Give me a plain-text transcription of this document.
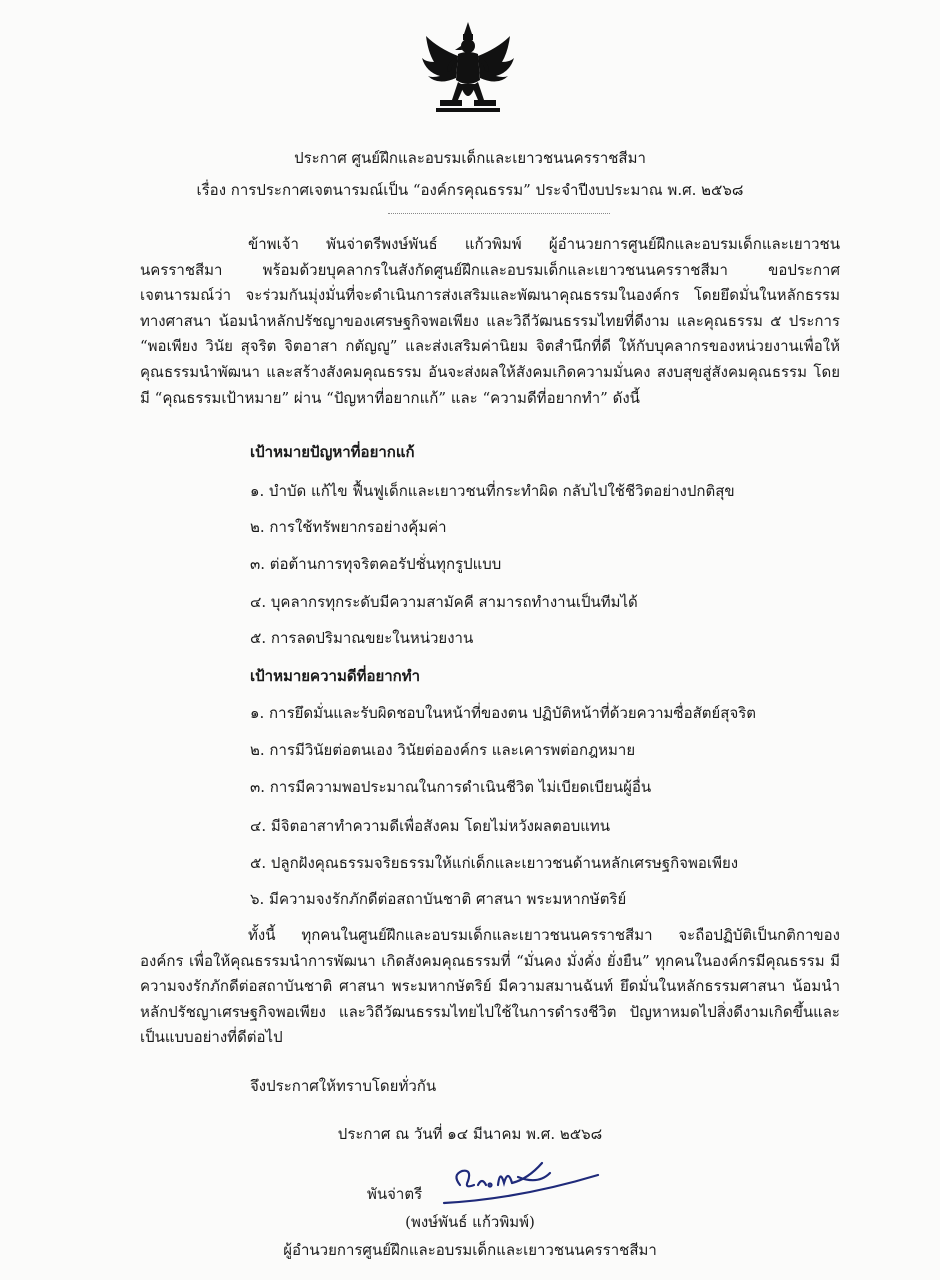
ประกาศ ศูนย์ฝึกและอบรมเด็กและเยาวชนนครราชสีมา
เรื่อง การประกาศเจตนารมณ์เป็น “องค์กรคุณธรรม” ประจำปีงบประมาณ พ.ศ. ๒๕๖๘
ข้าพเจ้า พันจ่าตรีพงษ์พันธ์ แก้วพิมพ์ ผู้อำนวยการศูนย์ฝึกและอบรมเด็กและเยาวชนนครราชสีมา พร้อมด้วยบุคลากรในสังกัดศูนย์ฝึกและอบรมเด็กและเยาวชนนครราชสีมา ขอประกาศเจตนารมณ์ว่า จะร่วมกันมุ่งมั่นที่จะดำเนินการส่งเสริมและพัฒนาคุณธรรมในองค์กร โดยยึดมั่นในหลักธรรมทางศาสนา น้อมนำหลักปรัชญาของเศรษฐกิจพอเพียง และวิถีวัฒนธรรมไทยที่ดีงาม และคุณธรรม ๕ ประการ “พอเพียง วินัย สุจริต จิตอาสา กตัญญู” และส่งเสริมค่านิยม จิตสำนึกที่ดี ให้กับบุคลากรของหน่วยงานเพื่อให้คุณธรรมนำพัฒนา และสร้างสังคมคุณธรรม อันจะส่งผลให้สังคมเกิดความมั่นคง สงบสุขสู่สังคมคุณธรรม โดยมี “คุณธรรมเป้าหมาย” ผ่าน “ปัญหาที่อยากแก้” และ “ความดีที่อยากทำ” ดังนี้
เป้าหมายปัญหาที่อยากแก้
๑. บำบัด แก้ไข ฟื้นฟูเด็กและเยาวชนที่กระทำผิด กลับไปใช้ชีวิตอย่างปกติสุข
๒. การใช้ทรัพยากรอย่างคุ้มค่า
๓. ต่อต้านการทุจริตคอรัปชั่นทุกรูปแบบ
๔. บุคลากรทุกระดับมีความสามัคคี สามารถทำงานเป็นทีมได้
๕. การลดปริมาณขยะในหน่วยงาน
เป้าหมายความดีที่อยากทำ
๑. การยึดมั่นและรับผิดชอบในหน้าที่ของตน ปฏิบัติหน้าที่ด้วยความซื่อสัตย์สุจริต
๒. การมีวินัยต่อตนเอง วินัยต่อองค์กร และเคารพต่อกฎหมาย
๓. การมีความพอประมาณในการดำเนินชีวิต ไม่เบียดเบียนผู้อื่น
๔. มีจิตอาสาทำความดีเพื่อสังคม โดยไม่หวังผลตอบแทน
๕. ปลูกฝังคุณธรรมจริยธรรมให้แก่เด็กและเยาวชนด้านหลักเศรษฐกิจพอเพียง
๖. มีความจงรักภักดีต่อสถาบันชาติ ศาสนา พระมหากษัตริย์
ทั้งนี้ ทุกคนในศูนย์ฝึกและอบรมเด็กและเยาวชนนครราชสีมา จะถือปฏิบัติเป็นกติกาขององค์กร เพื่อให้คุณธรรมนำการพัฒนา เกิดสังคมคุณธรรมที่ “มั่นคง มั่งคั่ง ยั่งยืน” ทุกคนในองค์กรมีคุณธรรม มีความจงรักภักดีต่อสถาบันชาติ ศาสนา พระมหากษัตริย์ มีความสมานฉันท์ ยึดมั่นในหลักธรรมศาสนา น้อมนำหลักปรัชญาเศรษฐกิจพอเพียง และวิถีวัฒนธรรมไทยไปใช้ในการดำรงชีวิต ปัญหาหมดไปสิ่งดีงามเกิดขึ้นและเป็นแบบอย่างที่ดีต่อไป
จึงประกาศให้ทราบโดยทั่วกัน
ประกาศ ณ วันที่ ๑๔ มีนาคม พ.ศ. ๒๕๖๘
พันจ่าตรี
(พงษ์พันธ์ แก้วพิมพ์)
ผู้อำนวยการศูนย์ฝึกและอบรมเด็กและเยาวชนนครราชสีมา
